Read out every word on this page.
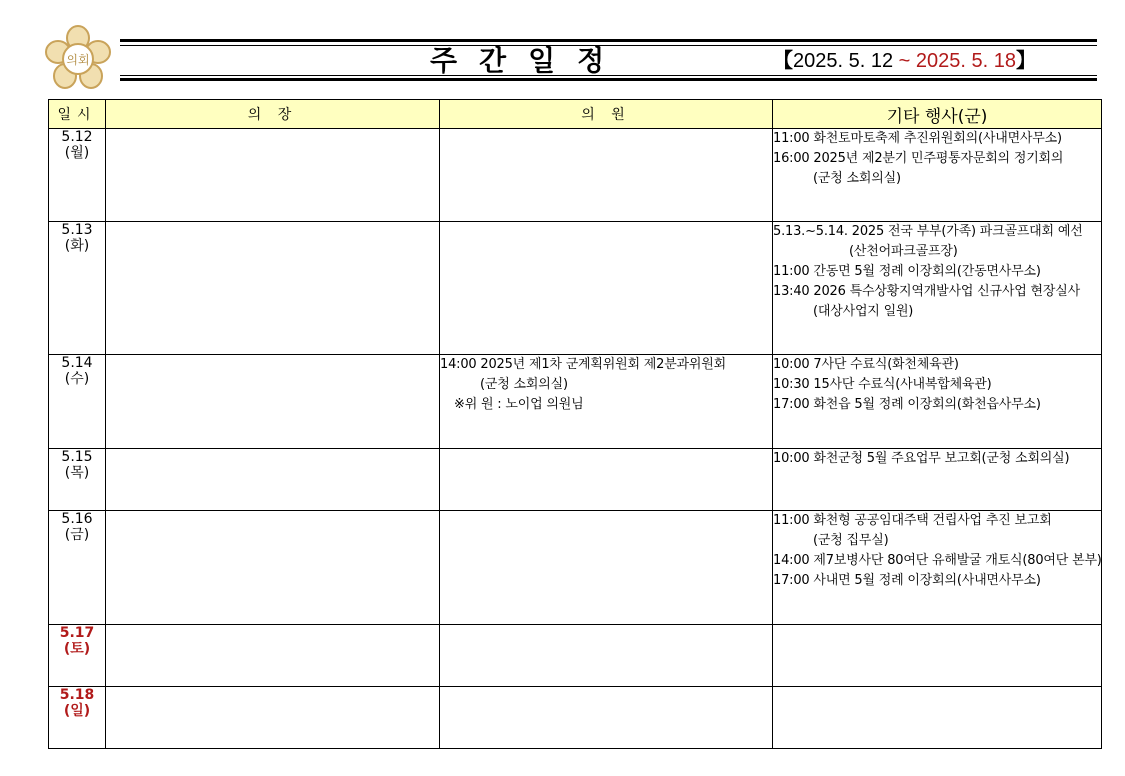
의회	주간일정	【2025. 5. 12 ~ 2025. 5. 18】
일시	의 장	의 원	기타 행사(군)

5.12
(월)			11:00 화천토마토축제 추진위원회의(사내면사무소)
16:00 2025년 제2분기 민주평통자문회의 정기회의
(군청 소회의실)

5.13
(화)			5.13.~5.14. 2025 전국 부부(가족) 파크골프대회 예선
(산천어파크골프장)
11:00 간동면 5월 정례 이장회의(간동면사무소)
13:40 2026 특수상황지역개발사업 신규사업 현장실사
(대상사업지 일원)

5.14
(수)		14:00 2025년 제1차 군계획위원회 제2분과위원회
(군청 소회의실)
※위 원 : 노이업 의원님	10:00 7사단 수료식(화천체육관)
10:30 15사단 수료식(사내복합체육관)
17:00 화천읍 5월 정례 이장회의(화천읍사무소)

5.15
(목)			10:00 화천군청 5월 주요업무 보고회(군청 소회의실)

5.16
(금)			11:00 화천형 공공임대주택 건립사업 추진 보고회
(군청 집무실)
14:00 제7보병사단 80여단 유해발굴 개토식(80여단 본부)
17:00 사내면 5월 정례 이장회의(사내면사무소)

5.17
(토)			

5.18
(일)			
